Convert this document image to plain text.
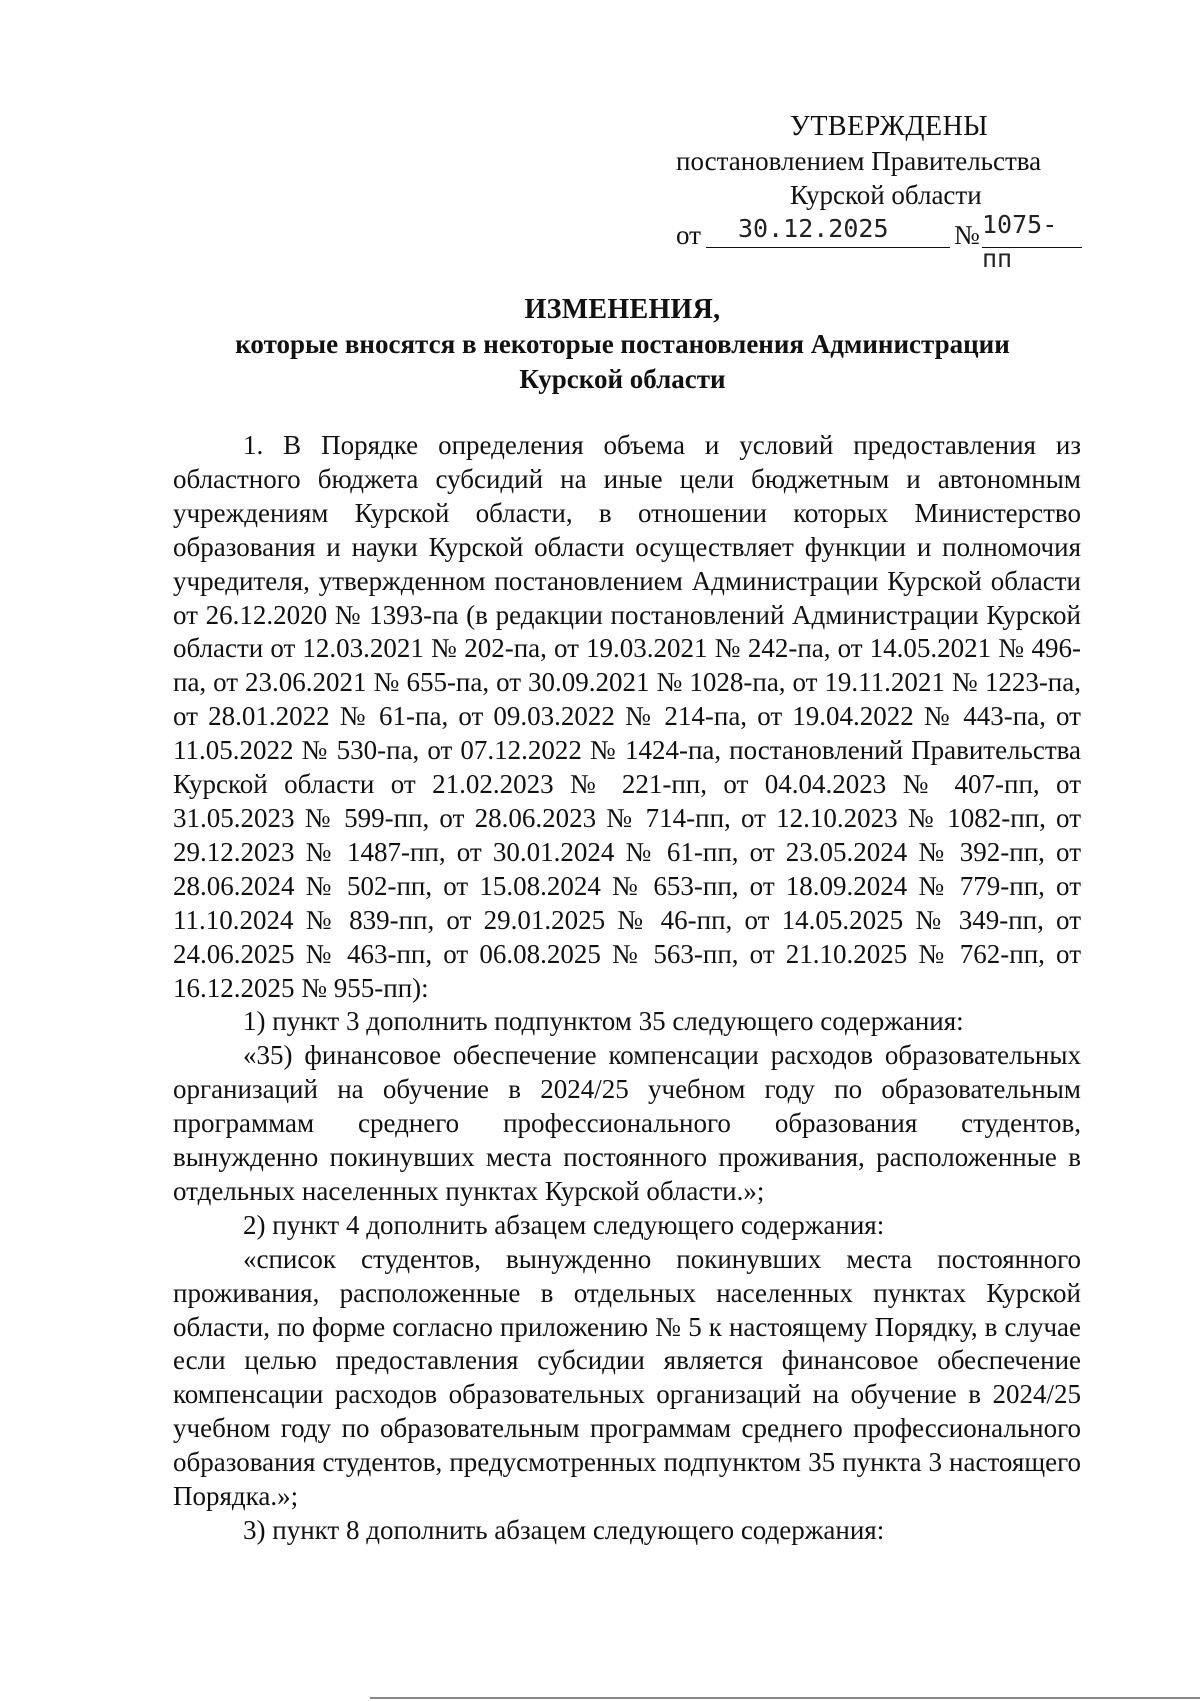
УТВЕРЖДЕНЫ
постановлением Правительства
Курской области
от	30.12.2025	№ 1075-пп
ИЗМЕНЕНИЯ,
которые вносятся в некоторые постановления Администрации
Курской области

1. В Порядке определения объема и условий предоставления из областного бюджета субсидий на иные цели бюджетным и автономным учреждениям Курской области, в отношении которых Министерство образования и науки Курской области осуществляет функции и полномочия учредителя, утвержденном постановлением Администрации Курской области от 26.12.2020 № 1393-па (в редакции постановлений Администрации Курской области от 12.03.2021 № 202-па, от 19.03.2021 № 242-па, от 14.05.2021 № 496-па, от 23.06.2021 № 655-па, от 30.09.2021 № 1028-па, от 19.11.2021 № 1223-па, от 28.01.2022 № 61-па, от 09.03.2022 № 214-па, от 19.04.2022 № 443-па, от 11.05.2022 № 530-па, от 07.12.2022 № 1424-па, постановлений Правительства Курской области от 21.02.2023 № 221-пп, от 04.04.2023 № 407-пп, от 31.05.2023 № 599-пп, от 28.06.2023 № 714-пп, от 12.10.2023 № 1082-пп, от 29.12.2023 № 1487-пп, от 30.01.2024 № 61-пп, от 23.05.2024 № 392-пп, от 28.06.2024 № 502-пп, от 15.08.2024 № 653-пп, от 18.09.2024 № 779-пп, от 11.10.2024 № 839-пп, от 29.01.2025 № 46-пп, от 14.05.2025 № 349-пп, от 24.06.2025 № 463-пп, от 06.08.2025 № 563-пп, от 21.10.2025 № 762-пп, от 16.12.2025 № 955-пп):

1) пункт 3 дополнить подпунктом 35 следующего содержания:

«35) финансовое обеспечение компенсации расходов образовательных организаций на обучение в 2024/25 учебном году по образовательным программам среднего профессионального образования студентов, вынужденно покинувших места постоянного проживания, расположенные в отдельных населенных пунктах Курской области.»;

2) пункт 4 дополнить абзацем следующего содержания:

«список студентов, вынужденно покинувших места постоянного проживания, расположенные в отдельных населенных пунктах Курской области, по форме согласно приложению № 5 к настоящему Порядку, в случае если целью предоставления субсидии является финансовое обеспечение компенсации расходов образовательных организаций на обучение в 2024/25 учебном году по образовательным программам среднего профессионального образования студентов, предусмотренных подпунктом 35 пункта 3 настоящего Порядка.»;

3) пункт 8 дополнить абзацем следующего содержания:
